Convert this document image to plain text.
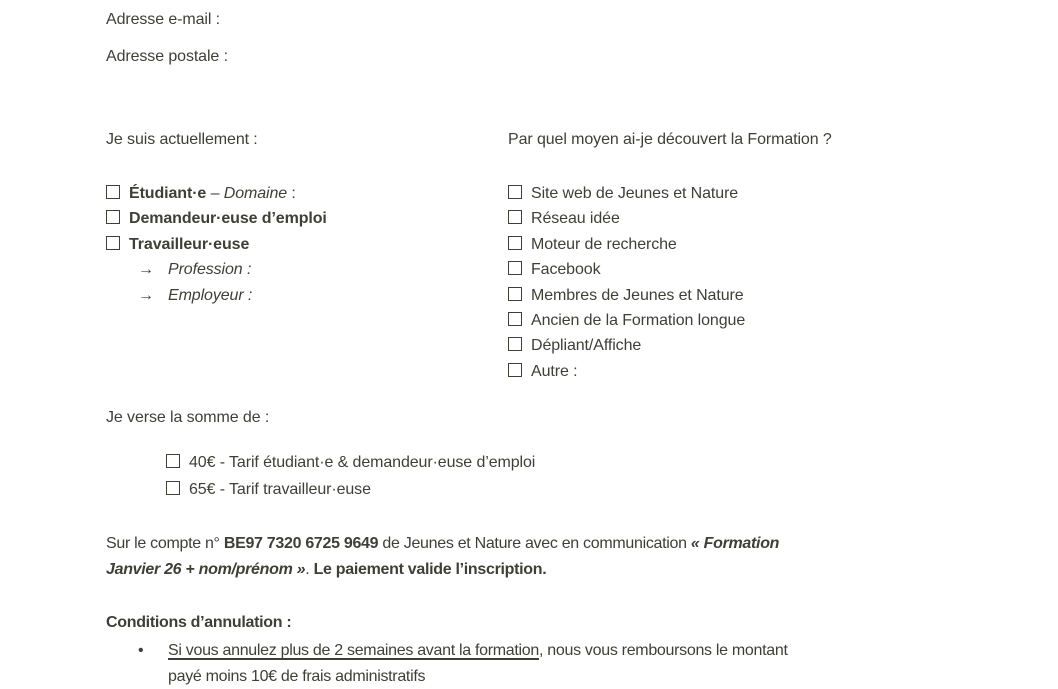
Adresse e-mail :
Adresse postale :
Je suis actuellement :
Étudiant·e – Domaine :
Demandeur·euse d’emploi
Travailleur·euse
→ Profession :
→ Employeur :
Par quel moyen ai-je découvert la Formation ?
Site web de Jeunes et Nature
Réseau idée
Moteur de recherche
Facebook
Membres de Jeunes et Nature
Ancien de la Formation longue
Dépliant/Affiche
Autre :
Je verse la somme de :
40€ - Tarif étudiant·e & demandeur·euse d’emploi
65€ - Tarif travailleur·euse
Sur le compte n° BE97 7320 6725 9649 de Jeunes et Nature avec en communication « Formation
Janvier 26 + nom/prénom ». Le paiement valide l’inscription.
Conditions d’annulation :
•	Si vous annulez plus de 2 semaines avant la formation, nous vous remboursons le montant
payé moins 10€ de frais administratifs
